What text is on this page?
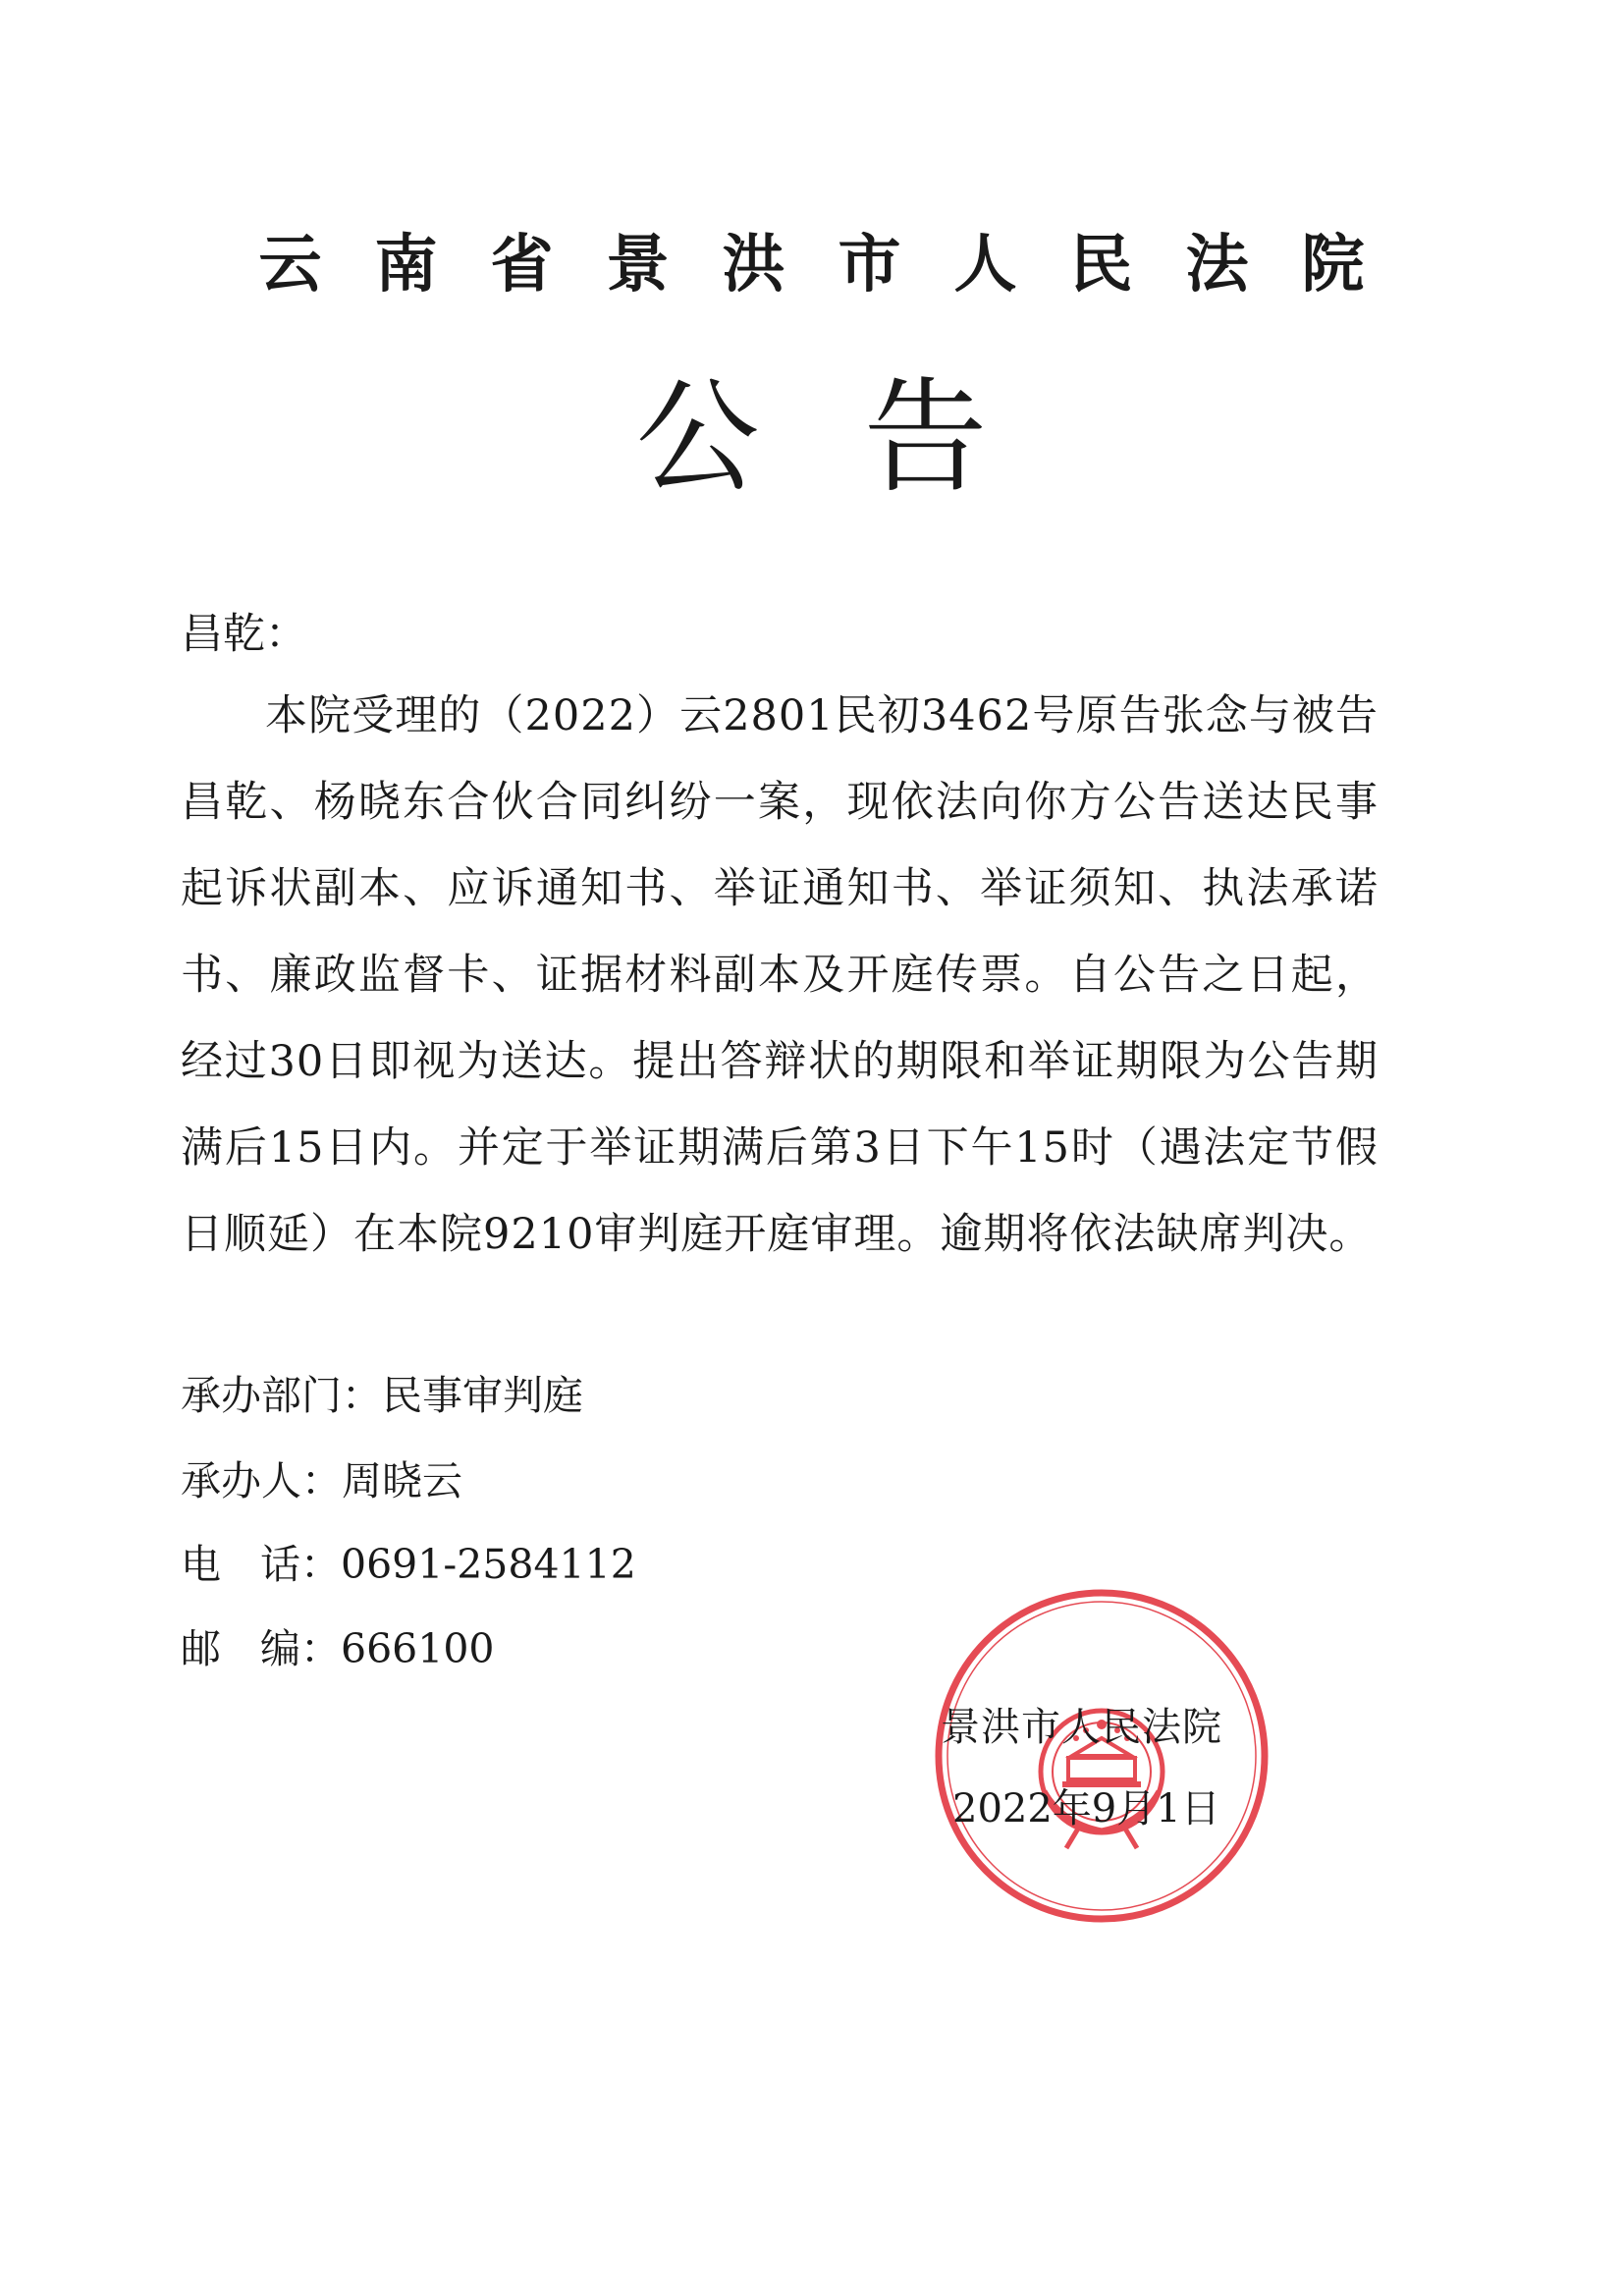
云南省景洪市人民法院
公告
昌乾：
本院受理的（2022）云2801民初3462号原告张念与被告昌乾、杨晓东合伙合同纠纷一案，现依法向你方公告送达民事起诉状副本、应诉通知书、举证通知书、举证须知、执法承诺书、廉政监督卡、证据材料副本及开庭传票。自公告之日起，经过30日即视为送达。提出答辩状的期限和举证期限为公告期满后15日内。并定于举证期满后第3日下午15时（遇法定节假日顺延）在本院9210审判庭开庭审理。逾期将依法缺席判决。
承办部门：民事审判庭
承办人：周晓云
电话：0691-2584112
邮编：666100
景洪市人民法院
2022年9月1日
